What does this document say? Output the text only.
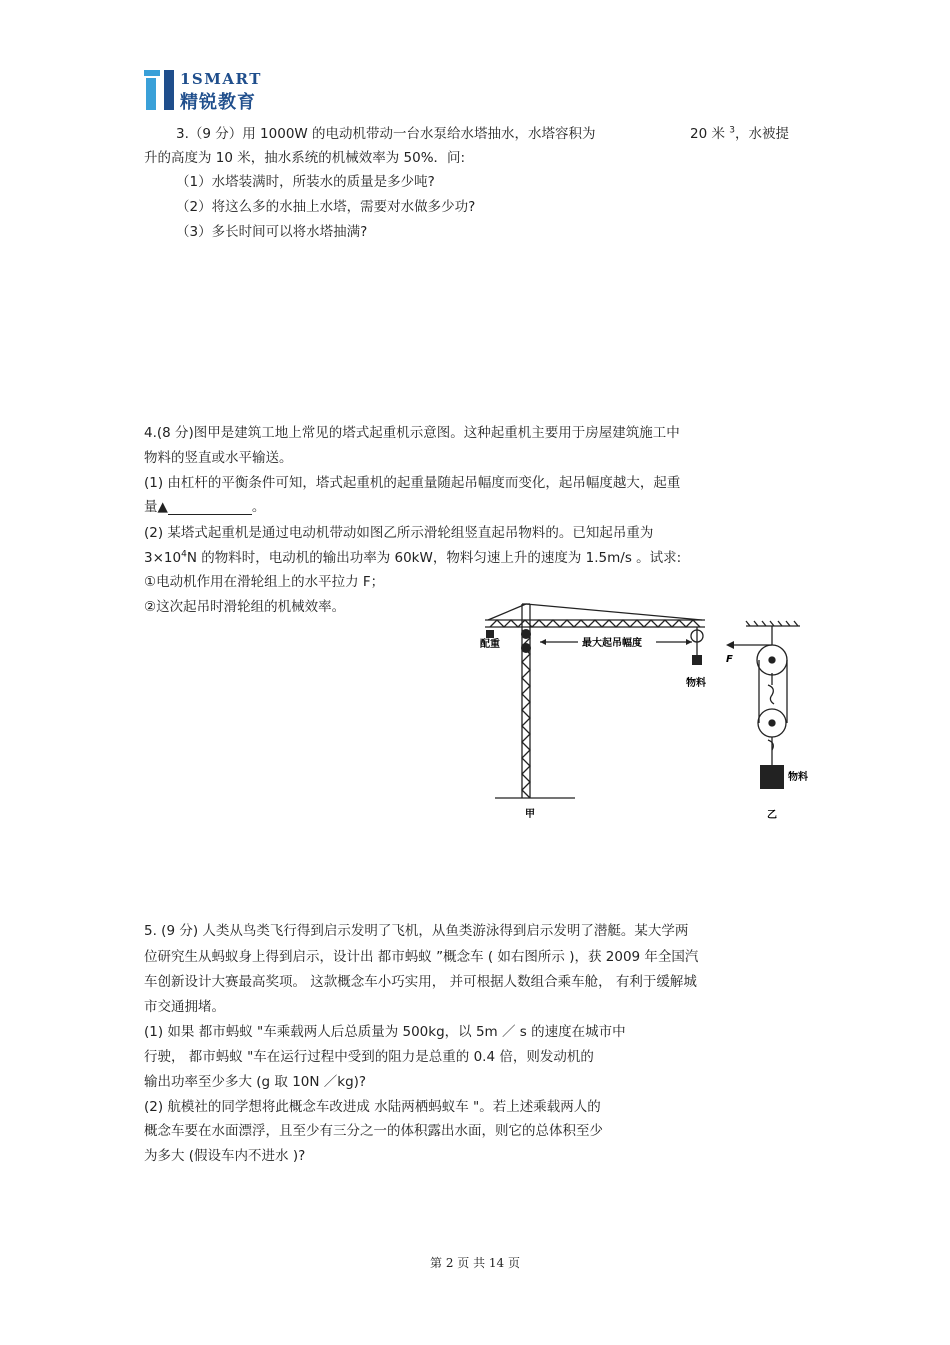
1SMART
精锐教育
3.（9 分）用 1000W 的电动机带动一台水泵给水塔抽水，水塔容积为	20 米 $^3$，水被提
升的高度为 10 米，抽水系统的机械效率为 50%．问:
（1）水塔装满时，所装水的质量是多少吨?
（2）将这么多的水抽上水塔，需要对水做多少功?
（3）多长时间可以将水塔抽满?
4.(8 分)图甲是建筑工地上常见的塔式起重机示意图。这种起重机主要用于房屋建筑施工中
物料的竖直或水平输送。
(1) 由杠杆的平衡条件可知，塔式起重机的起重量随起吊幅度而变化，起吊幅度越大，起重
量▲	。
(2) 某塔式起重机是通过电动机带动如图乙所示滑轮组竖直起吊物料的。已知起吊重为
$3\times 10^4N$ 的物料时，电动机的输出功率为 60kW，物料匀速上升的速度为 1.5m/s 。试求:
①电动机作用在滑轮组上的水平拉力 F；
②这次起吊时滑轮组的机械效率。
配重	最大起吊幅度
物料
甲
F
物料
乙
5. (9 分) 人类从鸟类飞行得到启示发明了飞机，从鱼类游泳得到启示发明了潜艇。某大学两
位研究生从蚂蚁身上得到启示，设计出 都市蚂蚁 ”概念车 ( 如右图所示 )，获 2009 年全国汽
车创新设计大赛最高奖项。 这款概念车小巧实用， 并可根据人数组合乘车舱， 有利于缓解城
市交通拥堵。
(1) 如果 都市蚂蚁 "车乘载两人后总质量为 500kg，以 5m ／ s 的速度在城市中
行驶， 都市蚂蚁 "车在运行过程中受到的阻力是总重的 0.4 倍，则发动机的
输出功率至少多大 (g 取 10N ／kg)?
(2) 航模社的同学想将此概念车改进成 水陆两栖蚂蚁车 "。若上述乘载两人的
概念车要在水面漂浮，且至少有三分之一的体积露出水面，则它的总体积至少
为多大 (假设车内不进水 )?
第 2 页 共 14 页
